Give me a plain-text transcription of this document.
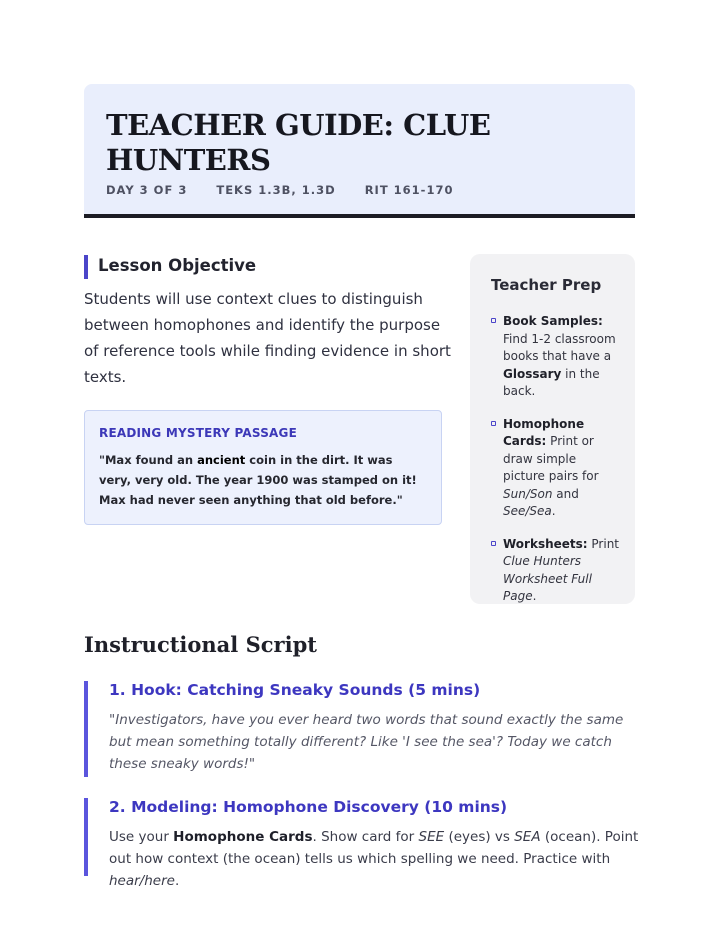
TEACHER GUIDE: CLUE HUNTERS
DAY 3 OF 3	TEKS 1.3B, 1.3D	RIT 161-170
Lesson Objective

Students will use context clues to distinguish between homophones and identify the purpose of reference tools while finding evidence in short texts.

READING MYSTERY PASSAGE

"Max found an ancient coin in the dirt. It was very, very old. The year 1900 was stamped on it! Max had never seen anything that old before."

Teacher Prep
Book Samples: Find 1-2 classroom books that have a Glossary in the back.
Homophone Cards: Print or draw simple picture pairs for Sun/Son and See/Sea.
Worksheets: Print Clue Hunters Worksheet Full Page.
Instructional Script
1. Hook: Catching Sneaky Sounds (5 mins)

"Investigators, have you ever heard two words that sound exactly the same but mean something totally different? Like 'I see the sea'? Today we catch these sneaky words!"

2. Modeling: Homophone Discovery (10 mins)

Use your Homophone Cards. Show card for SEE (eyes) vs SEA (ocean). Point out how context (the ocean) tells us which spelling we need. Practice with hear/here.
